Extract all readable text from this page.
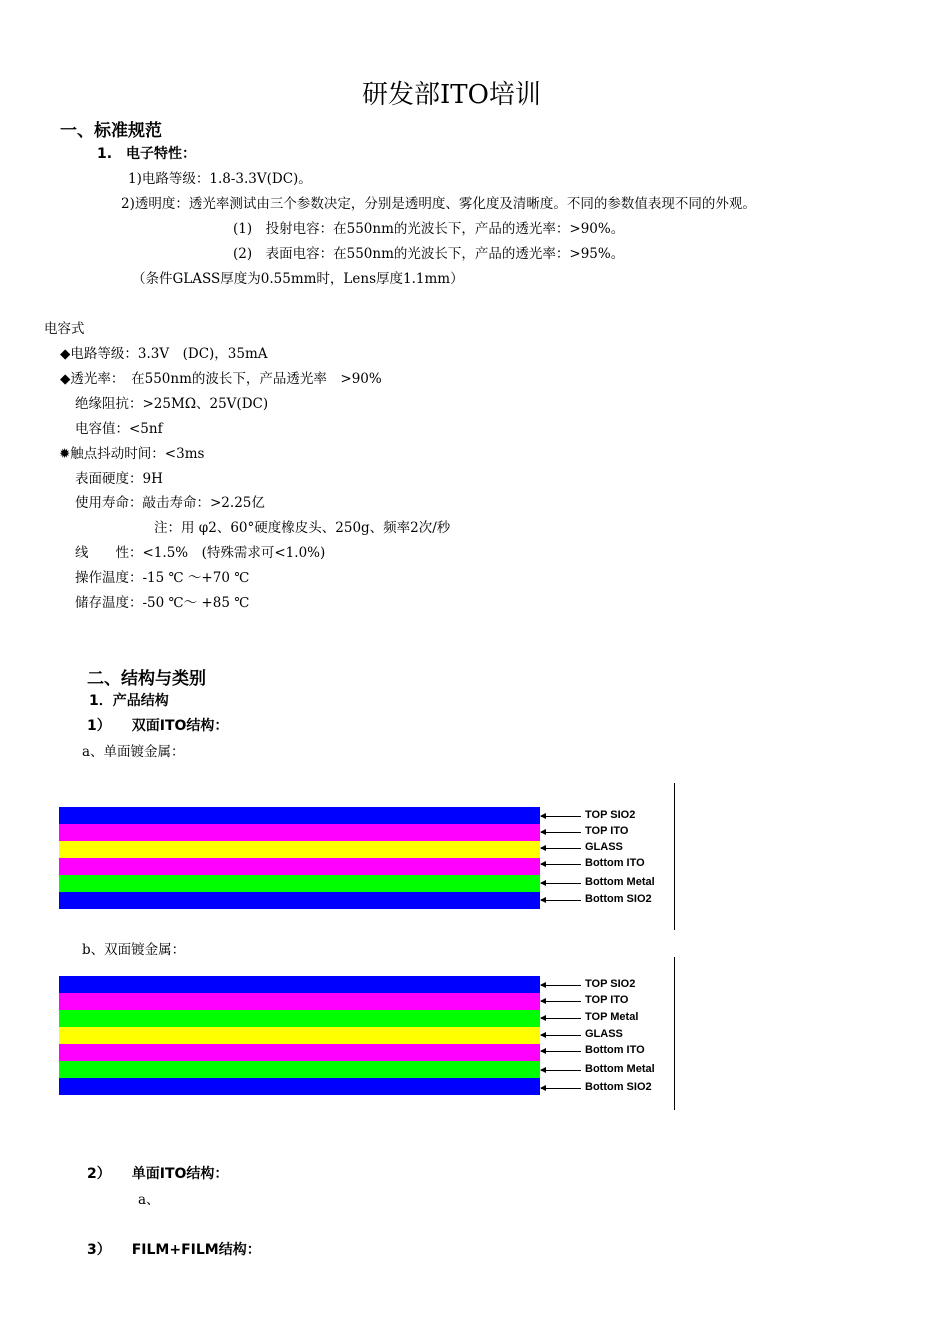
研发部ITO培训
一、标准规范
1.　电子特性：
1)电路等级：1.8-3.3V(DC)。
2)透明度：透光率测试由三个参数决定，分别是透明度、雾化度及清晰度。不同的参数值表现不同的外观。
(1)　投射电容：在550nm的光波长下，产品的透光率：>90%。
(2)　表面电容：在550nm的光波长下，产品的透光率：>95%。
（条件GLASS厚度为0.55mm时，Lens厚度1.1mm）
电容式
◆电路等级：3.3V　(DC)，35mA
◆透光率：　在550nm的波长下，产品透光率　>90%
绝缘阻抗：>25MΩ、25V(DC)
电容值：<5nf
✹触点抖动时间：<3ms
表面硬度：9H
使用寿命：敲击寿命：>2.25亿
注：用 φ2、60°硬度橡皮头、250g、频率2次/秒
线　　性：<1.5%　(特殊需求可<1.0%)
操作温度：-15 ℃ ～+70 ℃
储存温度：-50 ℃～ +85 ℃
二、结构与类别
1．产品结构
1）　　双面ITO结构：
a、单面镀金属：
TOP SIO2
TOP ITO
GLASS
Bottom ITO
Bottom Metal
Bottom SIO2
b、双面镀金属：
TOP SIO2
TOP ITO
TOP Metal
GLASS
Bottom ITO
Bottom Metal
Bottom SIO2
2）　　单面ITO结构：
a、
3）　　FILM+FILM结构：
